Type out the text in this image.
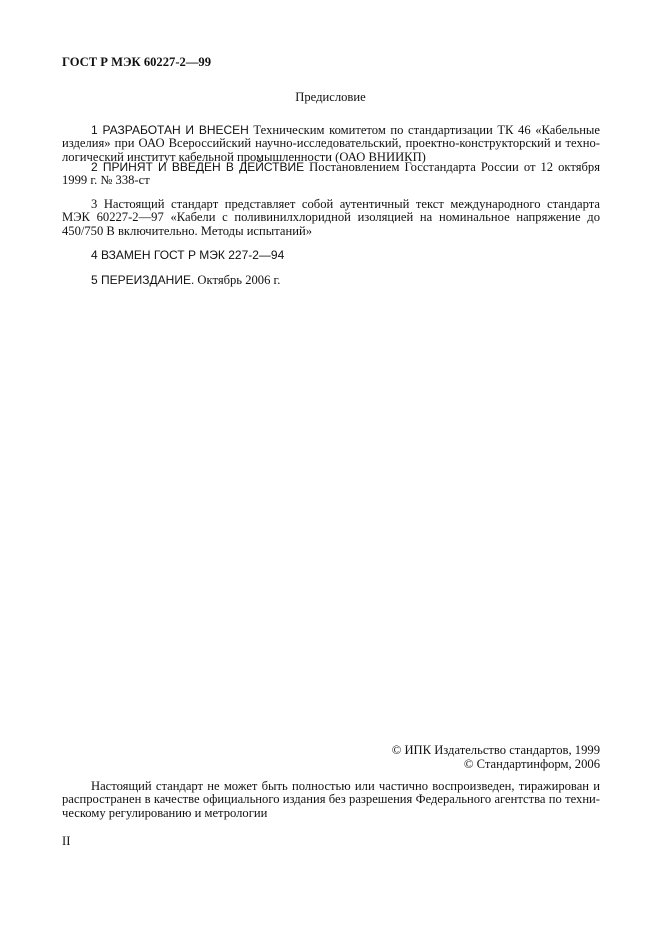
ГОСТ Р МЭК 60227-2—99
Предисловие
1 РАЗРАБОТАН И ВНЕСЕН Техническим комитетом по стандартизации ТК 46 «Кабельные
изделия» при ОАО Всероссийский научно-исследовательский, проектно-конструкторский и техно-
логический институт кабельной промышленности (ОАО ВНИИКП)
2 ПРИНЯТ И ВВЕДЕН В ДЕЙСТВИЕ Постановлением Госстандарта России от 12 октября
1999 г. № 338-ст
3 Настоящий стандарт представляет собой аутентичный текст международного стандарта
МЭК 60227-2—97 «Кабели с поливинилхлоридной изоляцией на номинальное напряжение до
450/750 В включительно. Методы испытаний»
4 ВЗАМЕН ГОСТ Р МЭК 227-2—94
5 ПЕРЕИЗДАНИЕ. Октябрь 2006 г.
© ИПК Издательство стандартов, 1999
© Стандартинформ, 2006
Настоящий стандарт не может быть полностью или частично воспроизведен, тиражирован и
распространен в качестве официального издания без разрешения Федерального агентства по техни-
ческому регулированию и метрологии
II
